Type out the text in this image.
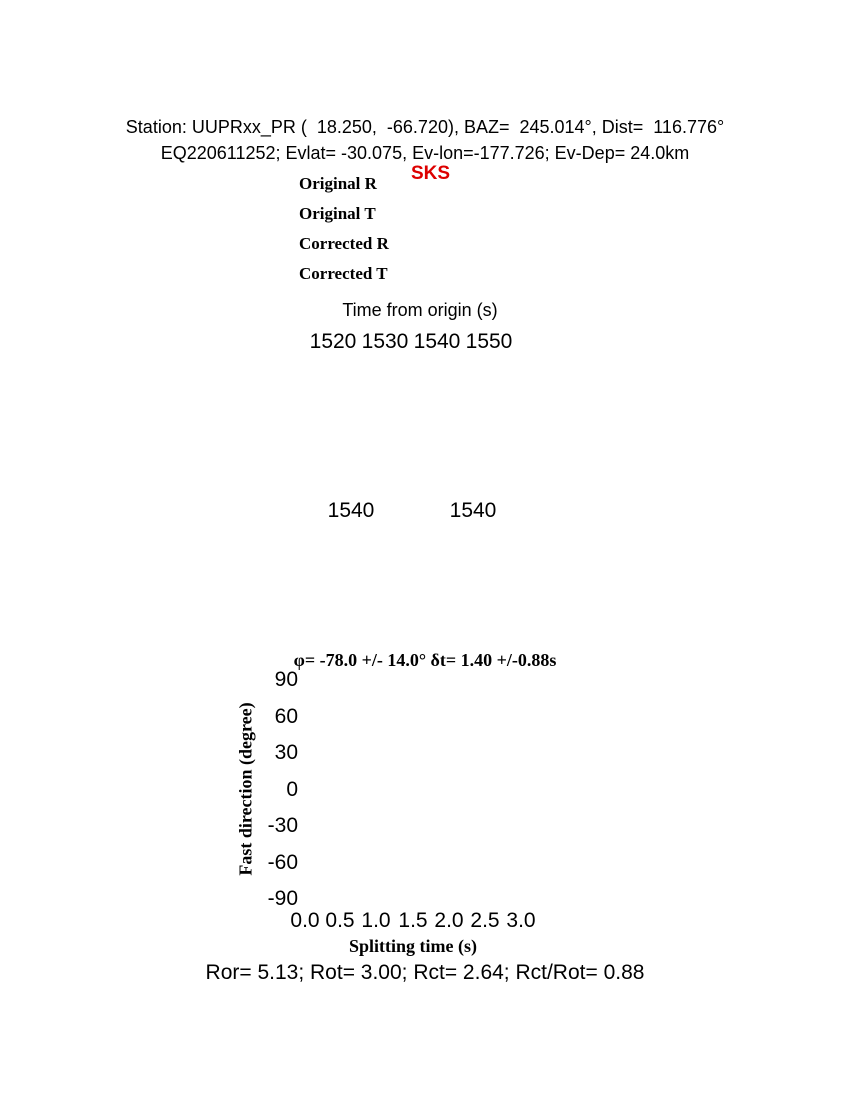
Station: UUPRxx_PR (  18.250,  -66.720), BAZ=  245.014°, Dist=  116.776°
EQ220611252; Evlat= -30.075, Ev-lon=-177.726; Ev-Dep= 24.0km
Original R
Original T
Corrected R
Corrected T
SKS
Time from origin (s)
1520 1530 1540 1550
1540	1540
φ= -78.0 +/- 14.0° δt= 1.40 +/-0.88s
Fast direction (degree)
90
60
30
0
-30
-60
-90
0.0 0.5 1.0 1.5 2.0 2.5 3.0
Splitting time (s)
Ror= 5.13; Rot= 3.00; Rct= 2.64; Rct/Rot= 0.88
